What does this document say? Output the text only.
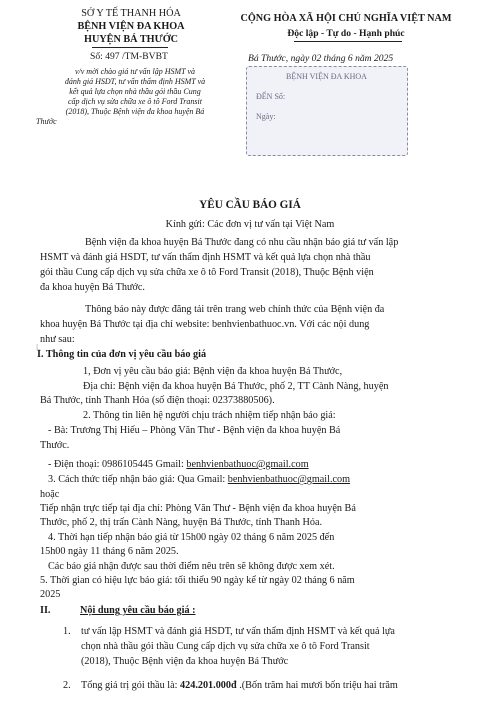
SỞ Y TẾ THANH HÓA
BỆNH VIỆN ĐA KHOA
HUYỆN BÁ THƯỚC
Số: 497 /TM-BVBT
v/v mời chào giá tư vấn lập HSMT và
đánh giá HSDT, tư vấn thẩm định HSMT và
kết quả lựa chọn nhà thầu gói thầu Cung
cấp dịch vụ sửa chữa xe ô tô Ford Transit
(2018), Thuộc Bệnh viện đa khoa huyện Bá
Thước
CỘNG HÒA XÃ HỘI CHỦ NGHĨA VIỆT NAM
Độc lập - Tự do - Hạnh phúc
Bá Thước, ngày 02 tháng 6 năm 2025
BỆNH VIỆN ĐA KHOA
ĐẾN Số:
Ngày:
YÊU CẦU BÁO GIÁ
Kính gửi: Các đơn vị tư vấn tại Việt Nam
Bệnh viện đa khoa huyện Bá Thước đang có nhu cầu nhận báo giá tư vấn lập
HSMT và đánh giá HSDT, tư vấn thẩm định HSMT và kết quả lựa chọn nhà thầu
gói thầu Cung cấp dịch vụ sửa chữa xe ô tô Ford Transit (2018), Thuộc Bệnh viện
đa khoa huyện Bá Thước.
Thông báo này được đăng tải trên trang web chính thức của Bệnh viện đa
khoa huyện Bá Thước tại địa chỉ website: benhvienbathuoc.vn. Với các nội dung
như sau:
I. Thông tin của đơn vị yêu cầu báo giá
L
1, Đơn vị yêu cầu báo giá: Bệnh viện đa khoa huyện Bá Thước,
Địa chỉ: Bệnh viện đa khoa huyện Bá Thước, phố 2, TT Cành Nàng, huyện
Bá Thước, tỉnh Thanh Hóa (số điện thoại: 02373880506).
2. Thông tin liên hệ người chịu trách nhiệm tiếp nhận báo giá:
- Bà: Trương Thị Hiếu – Phòng Văn Thư - Bệnh viện đa khoa huyện Bá
Thước.
- Điện thoại: 0986105445 Gmail: benhvienbathuoc@gmail.com
3. Cách thức tiếp nhận báo giá: Qua Gmail: benhvienbathuoc@gmail.com
hoặc
Tiếp nhận trực tiếp tại địa chỉ: Phòng Văn Thư - Bệnh viện đa khoa huyện Bá
Thước, phố 2, thị trấn Cành Nàng, huyện Bá Thước, tỉnh Thanh Hóa.
4. Thời hạn tiếp nhận báo giá từ 15h00 ngày 02 tháng 6 năm 2025 đến
15h00 ngày 11 tháng 6 năm 2025.
Các báo giá nhận được sau thời điểm nêu trên sẽ không được xem xét.
5. Thời gian có hiệu lực báo giá: tối thiểu 90 ngày kể từ ngày 02 tháng 6 năm
2025
II.	Nội dung yêu cầu báo giá :
1. tư vấn lập HSMT và đánh giá HSDT, tư vấn thẩm định HSMT và kết quả lựa
chọn nhà thầu gói thầu Cung cấp dịch vụ sửa chữa xe ô tô Ford Transit
(2018), Thuộc Bệnh viện đa khoa huyện Bá Thước
2. Tổng giá trị gói thầu là: 424.201.000đ .(Bốn trăm hai mươi bốn triệu hai trăm
